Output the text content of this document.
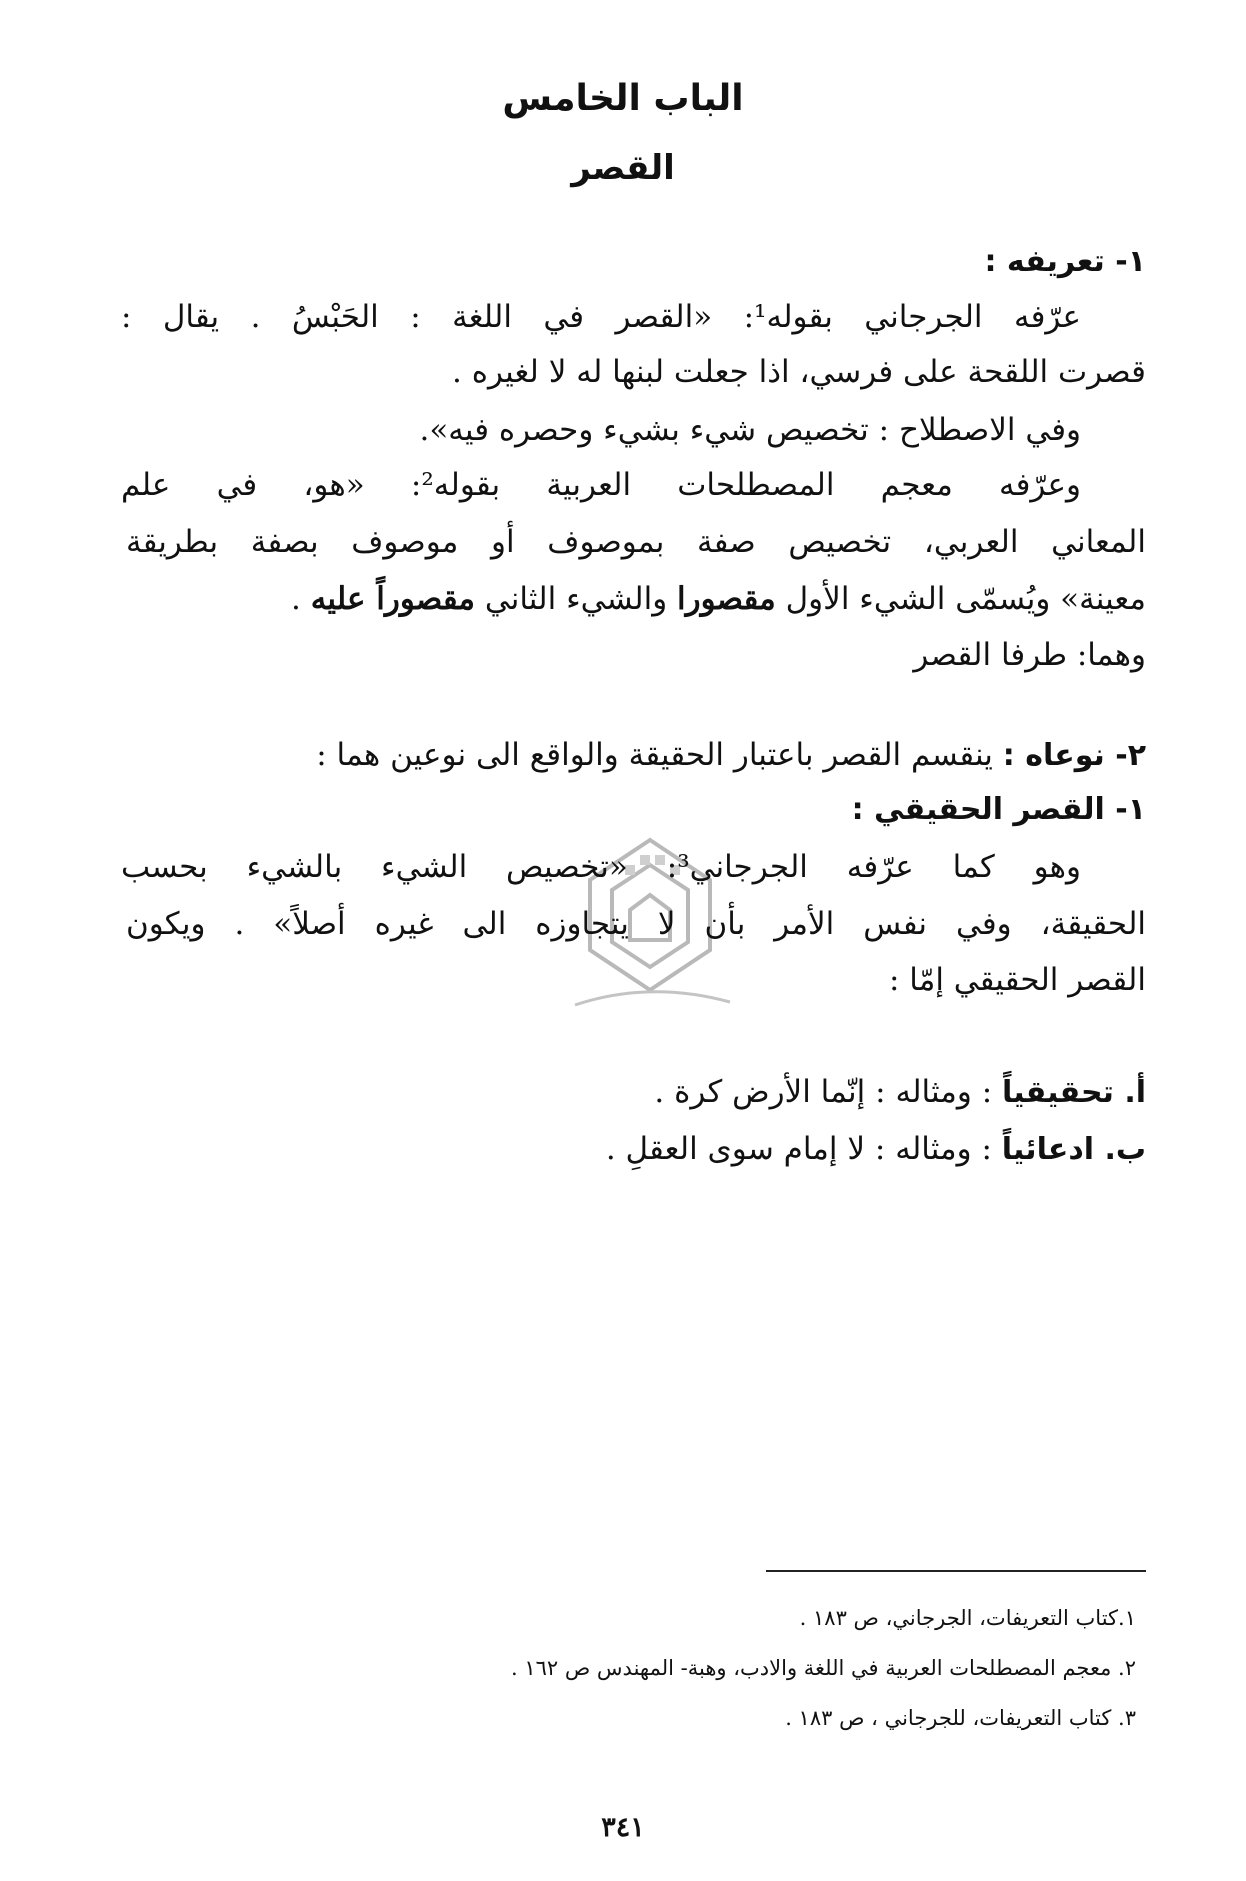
الباب الخامس
القصر
١- تعريفه :
عرّفه الجرجاني بقوله¹: «القصر في اللغة : الحَبْسُ . يقال :
قصرت اللقحة على فرسي، اذا جعلت لبنها له لا لغيره .
وفي الاصطلاح : تخصيص شيء بشيء وحصره فيه».
وعرّفه معجم المصطلحات العربية بقوله²: «هو، في علم
المعاني العربي، تخصيص صفة بموصوف أو موصوف بصفة بطريقة
معينة» ويُسمّى الشيء الأول مقصورا والشيء الثاني مقصوراً عليه .
وهما: طرفا القصر
٢- نوعاه : ينقسم القصر باعتبار الحقيقة والواقع الى نوعين هما :
١- القصر الحقيقي :
وهو كما عرّفه الجرجاني³: «تخصيص الشيء بالشيء بحسب
الحقيقة، وفي نفس الأمر بأن لا يتجاوزه الى غيره أصلاً» . ويكون
القصر الحقيقي إمّا :
أ. تحقيقياً : ومثاله : إنّما الأرض كرة .
ب. ادعائياً : ومثاله : لا إمام سوى العقلِ .
١.كتاب التعريفات، الجرجاني، ص ١٨٣ .
٢. معجم المصطلحات العربية في اللغة والادب، وهبة- المهندس ص ١٦٢ .
٣. كتاب التعريفات، للجرجاني ، ص ١٨٣ .
٣٤١
